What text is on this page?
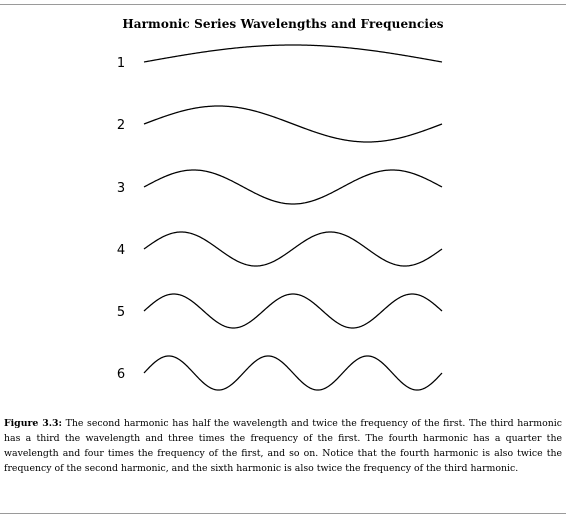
Harmonic Series Wavelengths and Frequencies
1
2
3
4
5
6

Figure 3.3: The second harmonic has half the wavelength and twice the frequency of the first. The third harmonic has a third the wavelength and three times the frequency of the first. The fourth harmonic has a quarter the wavelength and four times the frequency of the first, and so on. Notice that the fourth harmonic is also twice the frequency of the second harmonic, and the sixth harmonic is also twice the frequency of the third harmonic.
